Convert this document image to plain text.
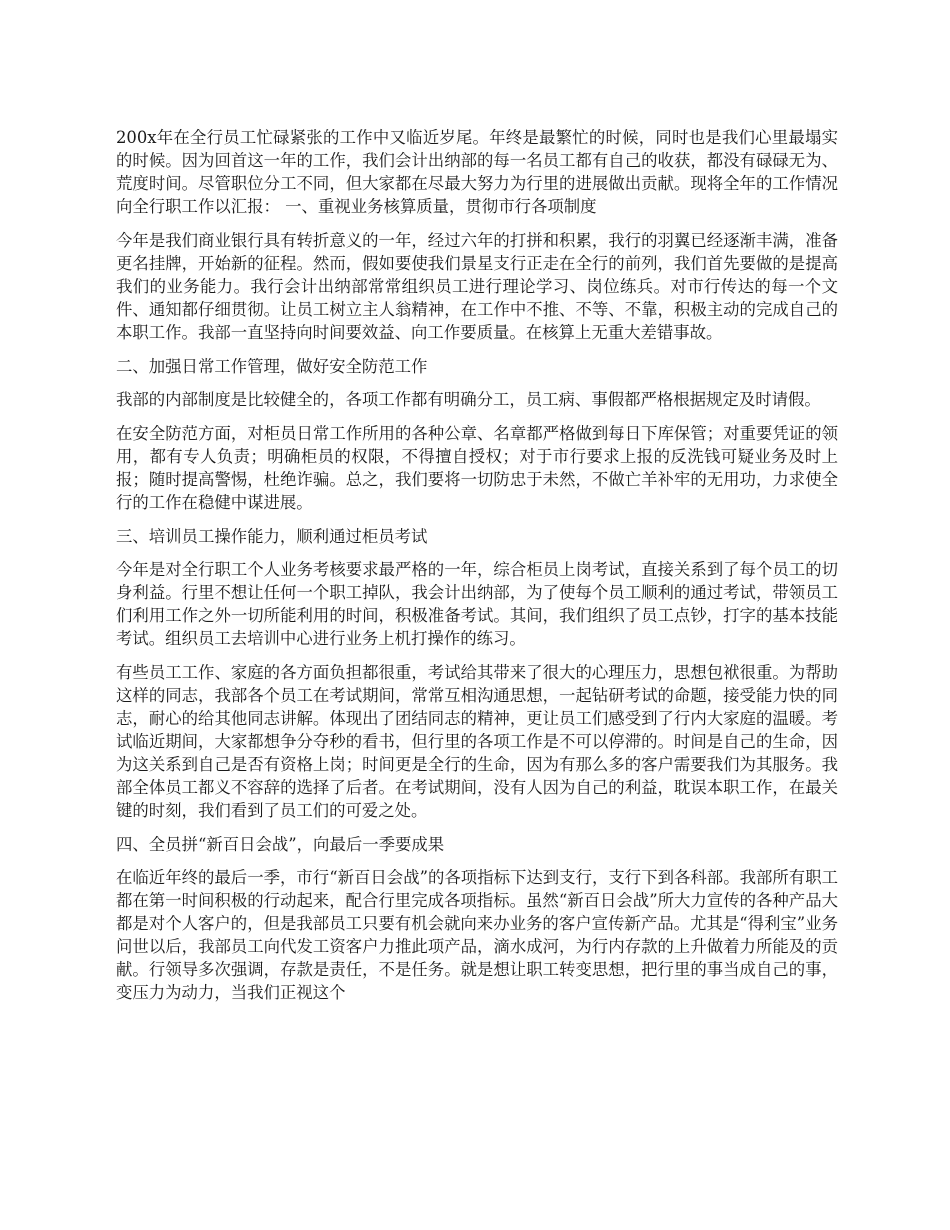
200x年在全行员工忙碌紧张的工作中又临近岁尾。年终是最繁忙的时候，同时也是我们心里最塌实的时候。因为回首这一年的工作，我们会计出纳部的每一名员工都有自己的收获，都没有碌碌无为、荒度时间。尽管职位分工不同，但大家都在尽最大努力为行里的进展做出贡献。现将全年的工作情况向全行职工作以汇报： 一、重视业务核算质量，贯彻市行各项制度

今年是我们商业银行具有转折意义的一年，经过六年的打拼和积累，我行的羽翼已经逐渐丰满，准备更名挂牌，开始新的征程。然而，假如要使我们景星支行正走在全行的前列，我们首先要做的是提高我们的业务能力。我行会计出纳部常常组织员工进行理论学习、岗位练兵。对市行传达的每一个文件、通知都仔细贯彻。让员工树立主人翁精神，在工作中不推、不等、不靠，积极主动的完成自己的本职工作。我部一直坚持向时间要效益、向工作要质量。在核算上无重大差错事故。

二、加强日常工作管理，做好安全防范工作

我部的内部制度是比较健全的，各项工作都有明确分工，员工病、事假都严格根据规定及时请假。

在安全防范方面，对柜员日常工作所用的各种公章、名章都严格做到每日下库保管；对重要凭证的领用，都有专人负责；明确柜员的权限，不得擅自授权；对于市行要求上报的反洗钱可疑业务及时上报；随时提高警惕，杜绝诈骗。总之，我们要将一切防忠于未然，不做亡羊补牢的无用功，力求使全行的工作在稳健中谋进展。

三、培训员工操作能力，顺利通过柜员考试

今年是对全行职工个人业务考核要求最严格的一年，综合柜员上岗考试，直接关系到了每个员工的切身利益。行里不想让任何一个职工掉队，我会计出纳部，为了使每个员工顺利的通过考试，带领员工们利用工作之外一切所能利用的时间，积极准备考试。其间，我们组织了员工点钞，打字的基本技能考试。组织员工去培训中心进行业务上机打操作的练习。

有些员工工作、家庭的各方面负担都很重，考试给其带来了很大的心理压力，思想包袱很重。为帮助这样的同志，我部各个员工在考试期间，常常互相沟通思想，一起钻研考试的命题，接受能力快的同志，耐心的给其他同志讲解。体现出了团结同志的精神，更让员工们感受到了行内大家庭的温暖。考试临近期间，大家都想争分夺秒的看书，但行里的各项工作是不可以停滞的。时间是自己的生命，因为这关系到自己是否有资格上岗；时间更是全行的生命，因为有那么多的客户需要我们为其服务。我部全体员工都义不容辞的选择了后者。在考试期间，没有人因为自己的利益，耽误本职工作，在最关键的时刻，我们看到了员工们的可爱之处。

四、全员拼“新百日会战”，向最后一季要成果

在临近年终的最后一季，市行“新百日会战”的各项指标下达到支行，支行下到各科部。我部所有职工都在第一时间积极的行动起来，配合行里完成各项指标。虽然“新百日会战”所大力宣传的各种产品大都是对个人客户的，但是我部员工只要有机会就向来办业务的客户宣传新产品。尤其是“得利宝”业务问世以后，我部员工向代发工资客户力推此项产品，滴水成河，为行内存款的上升做着力所能及的贡献。行领导多次强调，存款是责任，不是任务。就是想让职工转变思想，把行里的事当成自己的事，变压力为动力，当我们正视这个
